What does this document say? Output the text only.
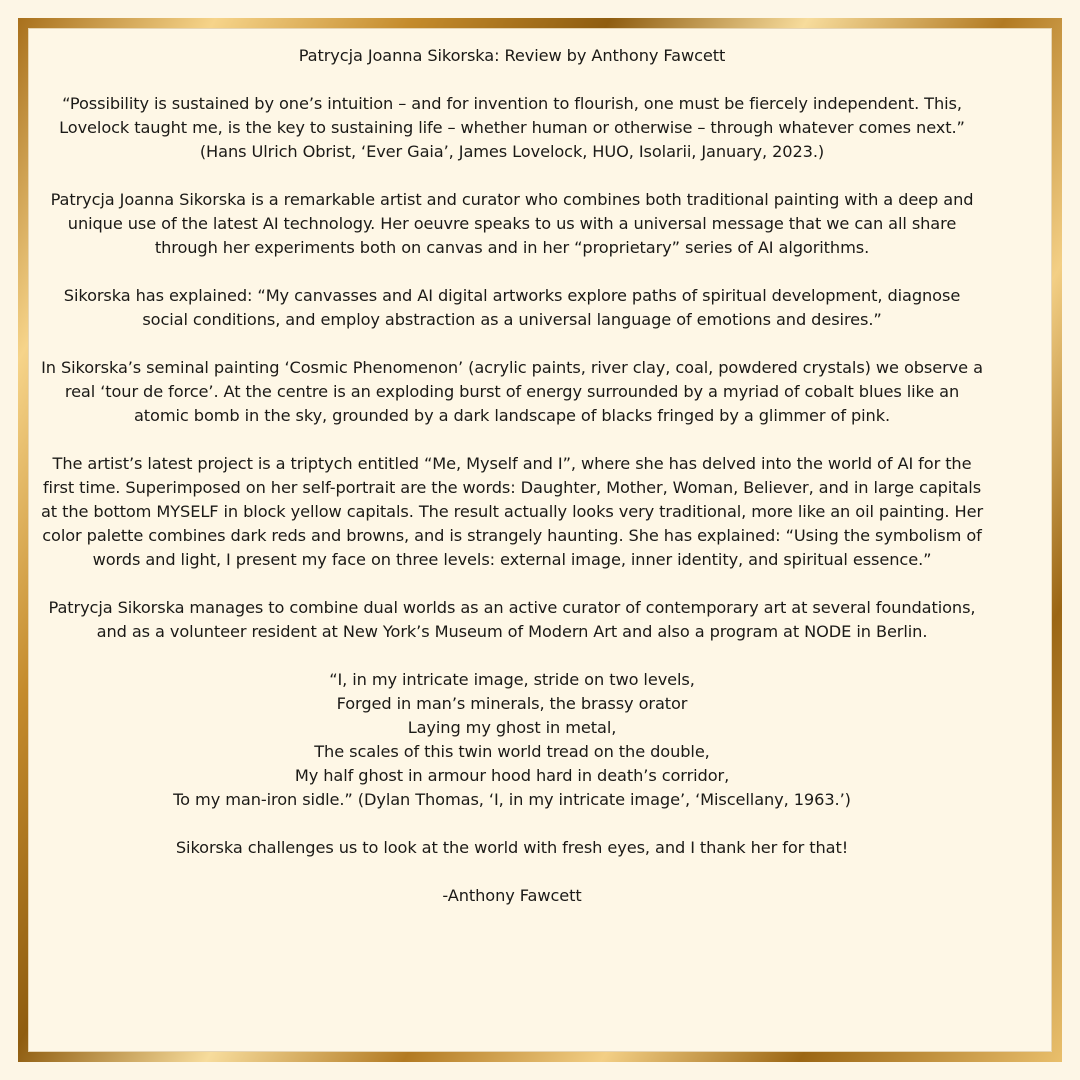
Patrycja Joanna Sikorska: Review by Anthony Fawcett

“Possibility is sustained by one’s intuition – and for invention to flourish, one must be fiercely independent. This, Lovelock taught me, is the key to sustaining life – whether human or otherwise – through whatever comes next.” (Hans Ulrich Obrist, ‘Ever Gaia’, James Lovelock, HUO, Isolarii, January, 2023.)

Patrycja Joanna Sikorska is a remarkable artist and curator who combines both traditional painting with a deep and unique use of the latest AI technology. Her oeuvre speaks to us with a universal message that we can all share through her experiments both on canvas and in her “proprietary” series of AI algorithms.

Sikorska has explained: “My canvasses and AI digital artworks explore paths of spiritual development, diagnose social conditions, and employ abstraction as a universal language of emotions and desires.”

In Sikorska’s seminal painting ‘Cosmic Phenomenon’ (acrylic paints, river clay, coal, powdered crystals) we observe a real ‘tour de force’. At the centre is an exploding burst of energy surrounded by a myriad of cobalt blues like an atomic bomb in the sky, grounded by a dark landscape of blacks fringed by a glimmer of pink.

The artist’s latest project is a triptych entitled “Me, Myself and I”, where she has delved into the world of AI for the first time. Superimposed on her self-portrait are the words: Daughter, Mother, Woman, Believer, and in large capitals at the bottom MYSELF in block yellow capitals. The result actually looks very traditional, more like an oil painting. Her color palette combines dark reds and browns, and is strangely haunting. She has explained: “Using the symbolism of words and light, I present my face on three levels: external image, inner identity, and spiritual essence.”

Patrycja Sikorska manages to combine dual worlds as an active curator of contemporary art at several foundations, and as a volunteer resident at New York’s Museum of Modern Art and also a program at NODE in Berlin.

“I, in my intricate image, stride on two levels,
Forged in man’s minerals, the brassy orator
Laying my ghost in metal,
The scales of this twin world tread on the double,
My half ghost in armour hood hard in death’s corridor,
To my man-iron sidle.” (Dylan Thomas, ‘I, in my intricate image’, ‘Miscellany, 1963.’)

Sikorska challenges us to look at the world with fresh eyes, and I thank her for that!

-Anthony Fawcett
